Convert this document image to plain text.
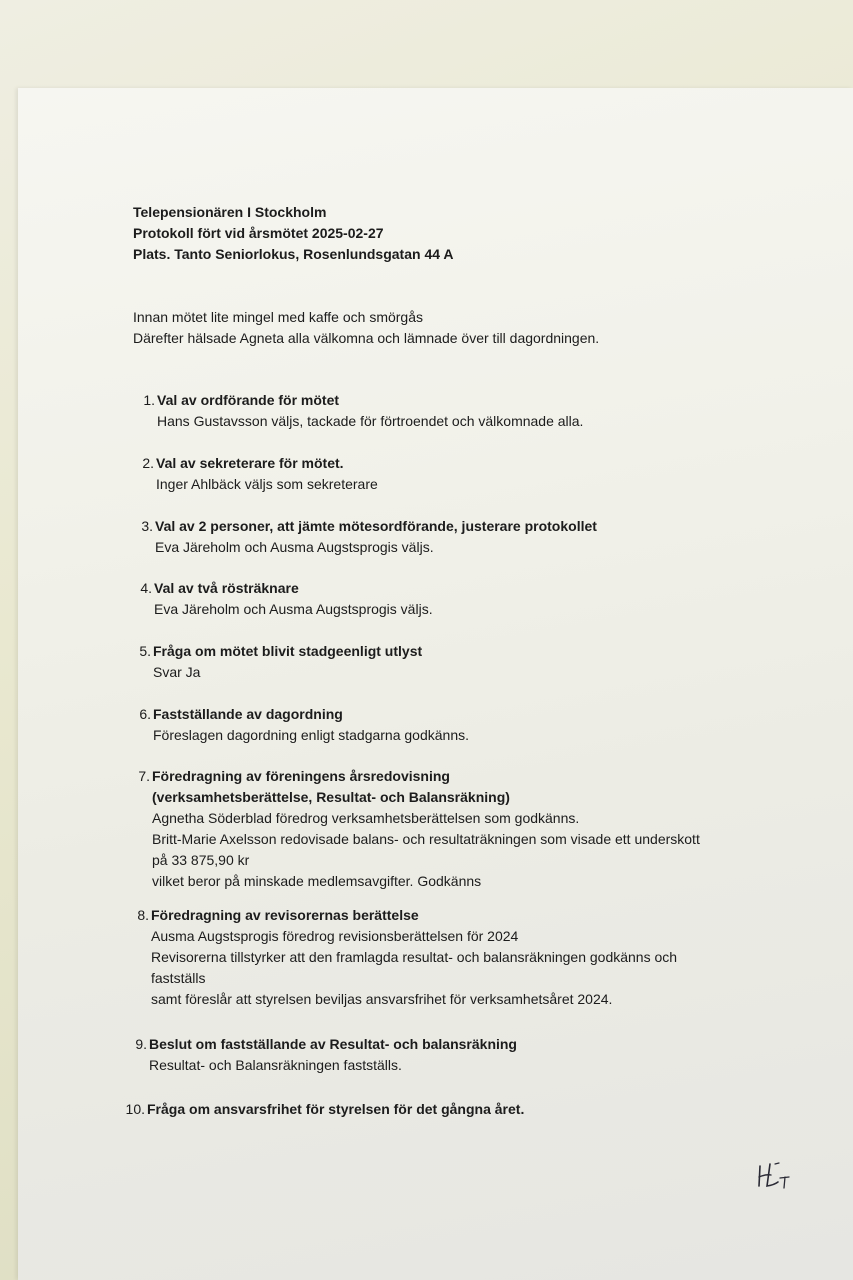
Telepensionären I Stockholm
Protokoll fört vid årsmötet 2025-02-27
Plats. Tanto Seniorlokus, Rosenlundsgatan 44 A
Innan mötet lite mingel med kaffe och smörgås
Därefter hälsade Agneta alla välkomna och lämnade över till dagordningen.
1. Val av ordförande för mötet
Hans Gustavsson väljs, tackade för förtroendet och välkomnade alla.
2. Val av sekreterare för mötet.
Inger Ahlbäck väljs som sekreterare
3. Val av 2 personer, att jämte mötesordförande, justerare protokollet
Eva Järeholm och Ausma Augstsprogis väljs.
4. Val av två rösträknare
Eva Järeholm och Ausma Augstsprogis väljs.
5. Fråga om mötet blivit stadgeenligt utlyst
Svar Ja
6. Fastställande av dagordning
Föreslagen dagordning enligt stadgarna godkänns.
7. Föredragning av föreningens årsredovisning
(verksamhetsberättelse, Resultat- och Balansräkning)
Agnetha Söderblad föredrog verksamhetsberättelsen som godkänns.
Britt-Marie Axelsson redovisade balans- och resultaträkningen som visade ett underskott
på 33 875,90 kr
vilket beror på minskade medlemsavgifter. Godkänns
8. Föredragning av revisorernas berättelse
Ausma Augstsprogis föredrog revisionsberättelsen för 2024
Revisorerna tillstyrker att den framlagda resultat- och balansräkningen godkänns och
fastställs
samt föreslår att styrelsen beviljas ansvarsfrihet för verksamhetsåret 2024.
9. Beslut om fastställande av Resultat- och balansräkning
Resultat- och Balansräkningen fastställs.
10. Fråga om ansvarsfrihet för styrelsen för det gångna året.
